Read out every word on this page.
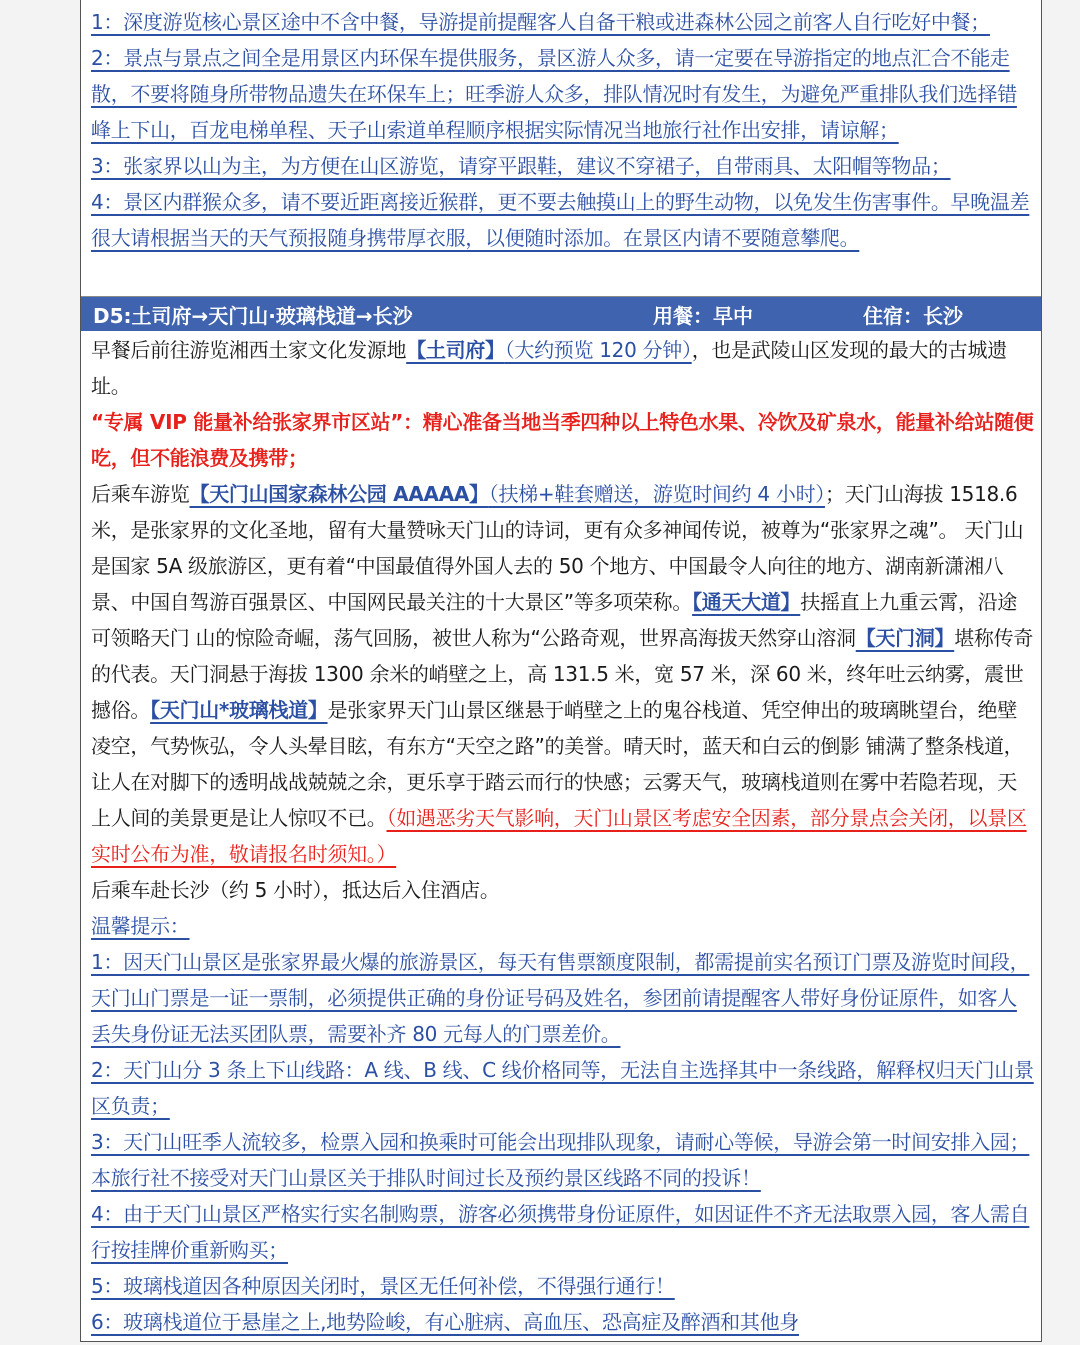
1：深度游览核心景区途中不含中餐，导游提前提醒客人自备干粮或进森林公园之前客人自行吃好中餐；

2：景点与景点之间全是用景区内环保车提供服务，景区游人众多，请一定要在导游指定的地点汇合不能走散，不要将随身所带物品遗失在环保车上；旺季游人众多，排队情况时有发生，为避免严重排队我们选择错峰上下山，百龙电梯单程、天子山索道单程顺序根据实际情况当地旅行社作出安排，请谅解；

3：张家界以山为主，为方便在山区游览，请穿平跟鞋，建议不穿裙子，自带雨具、太阳帽等物品；

4：景区内群猴众多，请不要近距离接近猴群，更不要去触摸山上的野生动物，以免发生伤害事件。早晚温差很大请根据当天的天气预报随身携带厚衣服，以便随时添加。在景区内请不要随意攀爬。

D5:土司府→天门山·玻璃栈道→长沙	用餐：早中	住宿：长沙

早餐后前往游览湘西土家文化发源地【土司府】（大约预览 120 分钟），也是武陵山区发现的最大的古城遗址。

“专属 VIP 能量补给张家界市区站”：精心准备当地当季四种以上特色水果、冷饮及矿泉水，能量补给站随便吃，但不能浪费及携带；

后乘车游览【天门山国家森林公园 AAAAA】（扶梯+鞋套赠送，游览时间约 4 小时）；天门山海拔 1518.6 米，是张家界的文化圣地，留有大量赞咏天门山的诗词，更有众多神闻传说，被尊为“张家界之魂”。 天门山是国家 5A 级旅游区，更有着“中国最值得外国人去的 50 个地方、中国最令人向往的地方、湖南新潇湘八景、中国自驾游百强景区、中国网民最关注的十大景区”等多项荣称。【通天大道】扶摇直上九重云霄，沿途可领略天门 山的惊险奇崛，荡气回肠，被世人称为“公路奇观，世界高海拔天然穿山溶洞【天门洞】堪称传奇的代表。天门洞悬于海拔 1300 余米的峭壁之上，高 131.5 米，宽 57 米，深 60 米，终年吐云纳雾，震世撼俗。【天门山*玻璃栈道】是张家界天门山景区继悬于峭壁之上的鬼谷栈道、凭空伸出的玻璃眺望台，绝壁凌空，气势恢弘，令人头晕目眩，有东方“天空之路”的美誉。晴天时，蓝天和白云的倒影 铺满了整条栈道，让人在对脚下的透明战战兢兢之余，更乐享于踏云而行的快感；云雾天气，玻璃栈道则在雾中若隐若现，天上人间的美景更是让人惊叹不已。（如遇恶劣天气影响，天门山景区考虑安全因素，部分景点会关闭，以景区实时公布为准，敬请报名时须知。）

后乘车赴长沙（约 5 小时），抵达后入住酒店。

温馨提示：

1：因天门山景区是张家界最火爆的旅游景区，每天有售票额度限制，都需提前实名预订门票及游览时间段，天门山门票是一证一票制，必须提供正确的身份证号码及姓名，参团前请提醒客人带好身份证原件，如客人丢失身份证无法买团队票，需要补齐 80 元每人的门票差价。

2：天门山分 3 条上下山线路：A 线、B 线、C 线价格同等，无法自主选择其中一条线路，解释权归天门山景区负责；

3：天门山旺季人流较多，检票入园和换乘时可能会出现排队现象，请耐心等候，导游会第一时间安排入园；本旅行社不接受对天门山景区关于排队时间过长及预约景区线路不同的投诉！

4：由于天门山景区严格实行实名制购票，游客必须携带身份证原件，如因证件不齐无法取票入园，客人需自行按挂牌价重新购买；

5：玻璃栈道因各种原因关闭时，景区无任何补偿，不得强行通行！

6：玻璃栈道位于悬崖之上,地势险峻，有心脏病、高血压、恐高症及醉酒和其他身
